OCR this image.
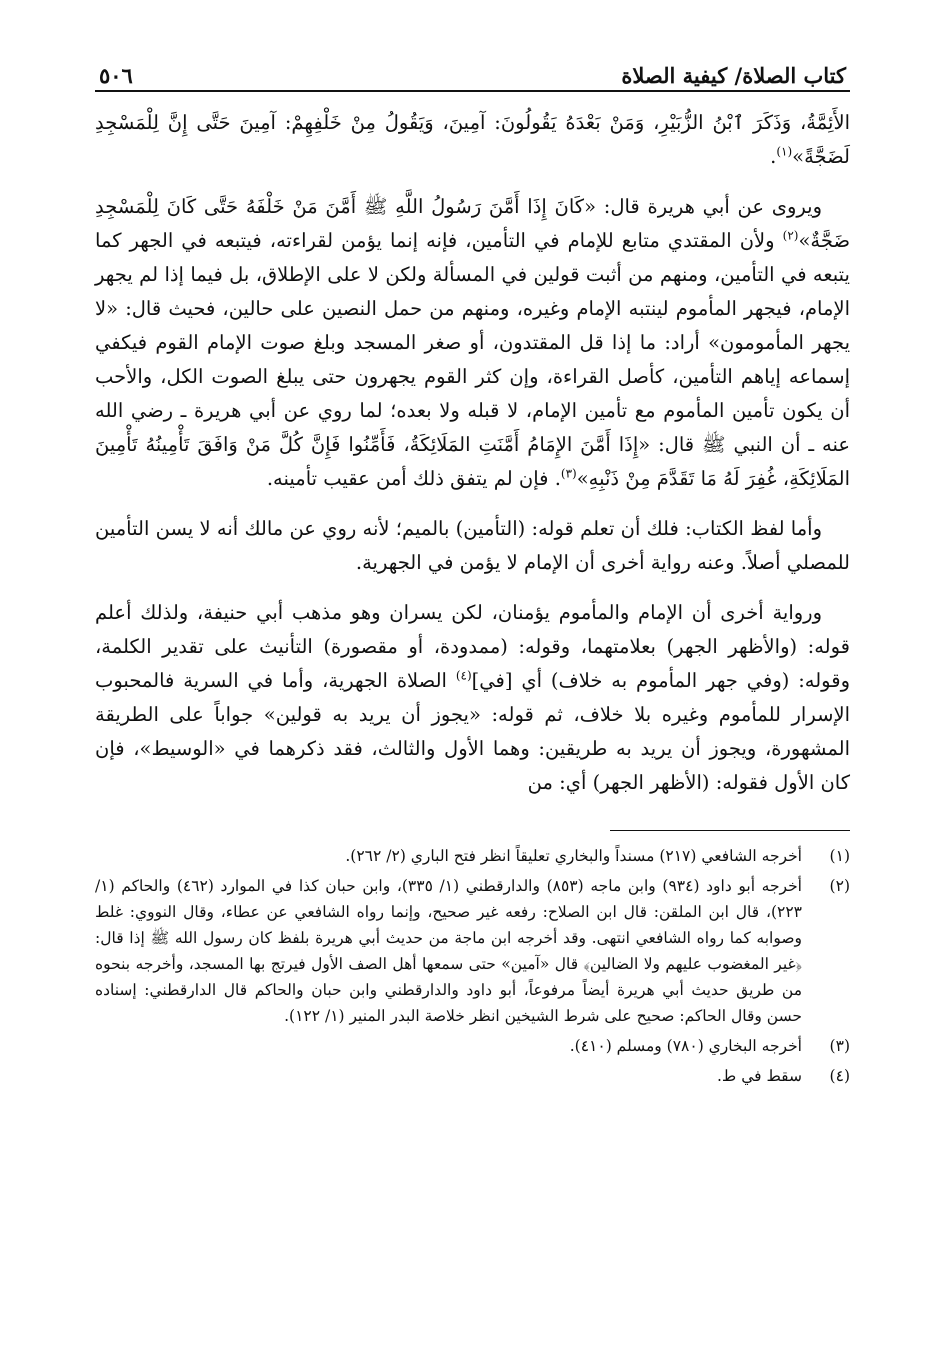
كتاب الصلاة/ كيفية الصلاة
٥٠٦

الأَئِمَّةُ، وَذَكَرَ ٱبْنُ الزُّبَيْرِ، وَمَنْ بَعْدَهُ يَقُولُونَ: آمِينَ، وَيَقُولُ مِنْ خَلْفِهِمْ: آمِينَ حَتَّى إِنَّ لِلْمَسْجِدِ لَضَجَّةً»$^{(١)}$.

ويروى عن أبي هريرة قال: «كَانَ إِذَا أَمَّنَ رَسُولُ اللَّهِ ﷺ أَمَّنَ مَنْ خَلْفَهُ حَتَّى كَانَ لِلْمَسْجِدِ ضَجَّةٌ»$^{(٢)}$ ولأن المقتدي متابع للإمام في التأمين، فإنه إنما يؤمن لقراءته، فيتبعه في الجهر كما يتبعه في التأمين، ومنهم من أثبت قولين في المسألة ولكن لا على الإطلاق، بل فيما إذا لم يجهر الإمام، فيجهر المأموم لينتبه الإمام وغيره، ومنهم من حمل النصين على حالين، فحيث قال: «لا يجهر المأمومون» أراد: ما إذا قل المقتدون، أو صغر المسجد وبلغ صوت الإمام القوم فيكفي إسماعه إياهم التأمين، كأصل القراءة، وإن كثر القوم يجهرون حتى يبلغ الصوت الكل، والأحب أن يكون تأمين المأموم مع تأمين الإمام، لا قبله ولا بعده؛ لما روي عن أبي هريرة ـ رضي الله عنه ـ أن النبي ﷺ قال: «إِذَا أَمَّنَ الإِمَامُ أَمَّنَتِ المَلَائِكَةُ، فَأَمِّنُوا فَإِنَّ كُلَّ مَنْ وَافَقَ تَأْمِينُهُ تَأْمِينَ المَلَائِكَةِ، غُفِرَ لَهُ مَا تَقَدَّمَ مِنْ ذَنْبِهِ»$^{(٣)}$. فإن لم يتفق ذلك أمن عقيب تأمينه.

وأما لفظ الكتاب: فلك أن تعلم قوله: (التأمين) بالميم؛ لأنه روي عن مالك أنه لا يسن التأمين للمصلي أصلاً. وعنه رواية أخرى أن الإمام لا يؤمن في الجهرية.

ورواية أخرى أن الإمام والمأموم يؤمنان، لكن يسران وهو مذهب أبي حنيفة، ولذلك أعلم قوله: (والأظهر الجهر) بعلامتهما، وقوله: (ممدودة، أو مقصورة) التأنيث على تقدير الكلمة، وقوله: (وفي جهر المأموم به خلاف) أي [في]$^{(٤)}$ الصلاة الجهرية، وأما في السرية فالمحبوب الإسرار للمأموم وغيره بلا خلاف، ثم قوله: «يجوز أن يريد به قولين» جواباً على الطريقة المشهورة، ويجوز أن يريد به طريقين: وهما الأول والثالث، فقد ذكرهما في «الوسيط»، فإن كان الأول فقوله: (الأظهر الجهر) أي: من

(١)
أخرجه الشافعي (٢١٧) مسنداً والبخاري تعليقاً انظر فتح الباري (٢/ ٢٦٢).
(٢)
أخرجه أبو داود (٩٣٤) وابن ماجه (٨٥٣) والدارقطني (١/ ٣٣٥)، وابن حبان كذا في الموارد (٤٦٢) والحاكم (١/ ٢٢٣)، قال ابن الملقن: قال ابن الصلاح: رفعه غير صحيح، وإنما رواه الشافعي عن عطاء، وقال النووي: غلط وصوابه كما رواه الشافعي انتهى. وقد أخرجه ابن ماجة من حديث أبي هريرة بلفظ كان رسول الله ﷺ إذا قال: ﴿غير المغضوب عليهم ولا الضالين﴾ قال «آمين» حتى سمعها أهل الصف الأول فيرتج بها المسجد، وأخرجه بنحوه من طريق حديث أبي هريرة أيضاً مرفوعاً، أبو داود والدارقطني وابن حبان والحاكم قال الدارقطني: إسناده حسن وقال الحاكم: صحيح على شرط الشيخين انظر خلاصة البدر المنير (١/ ١٢٢).
(٣)
أخرجه البخاري (٧٨٠) ومسلم (٤١٠).
(٤)
سقط في ط.
